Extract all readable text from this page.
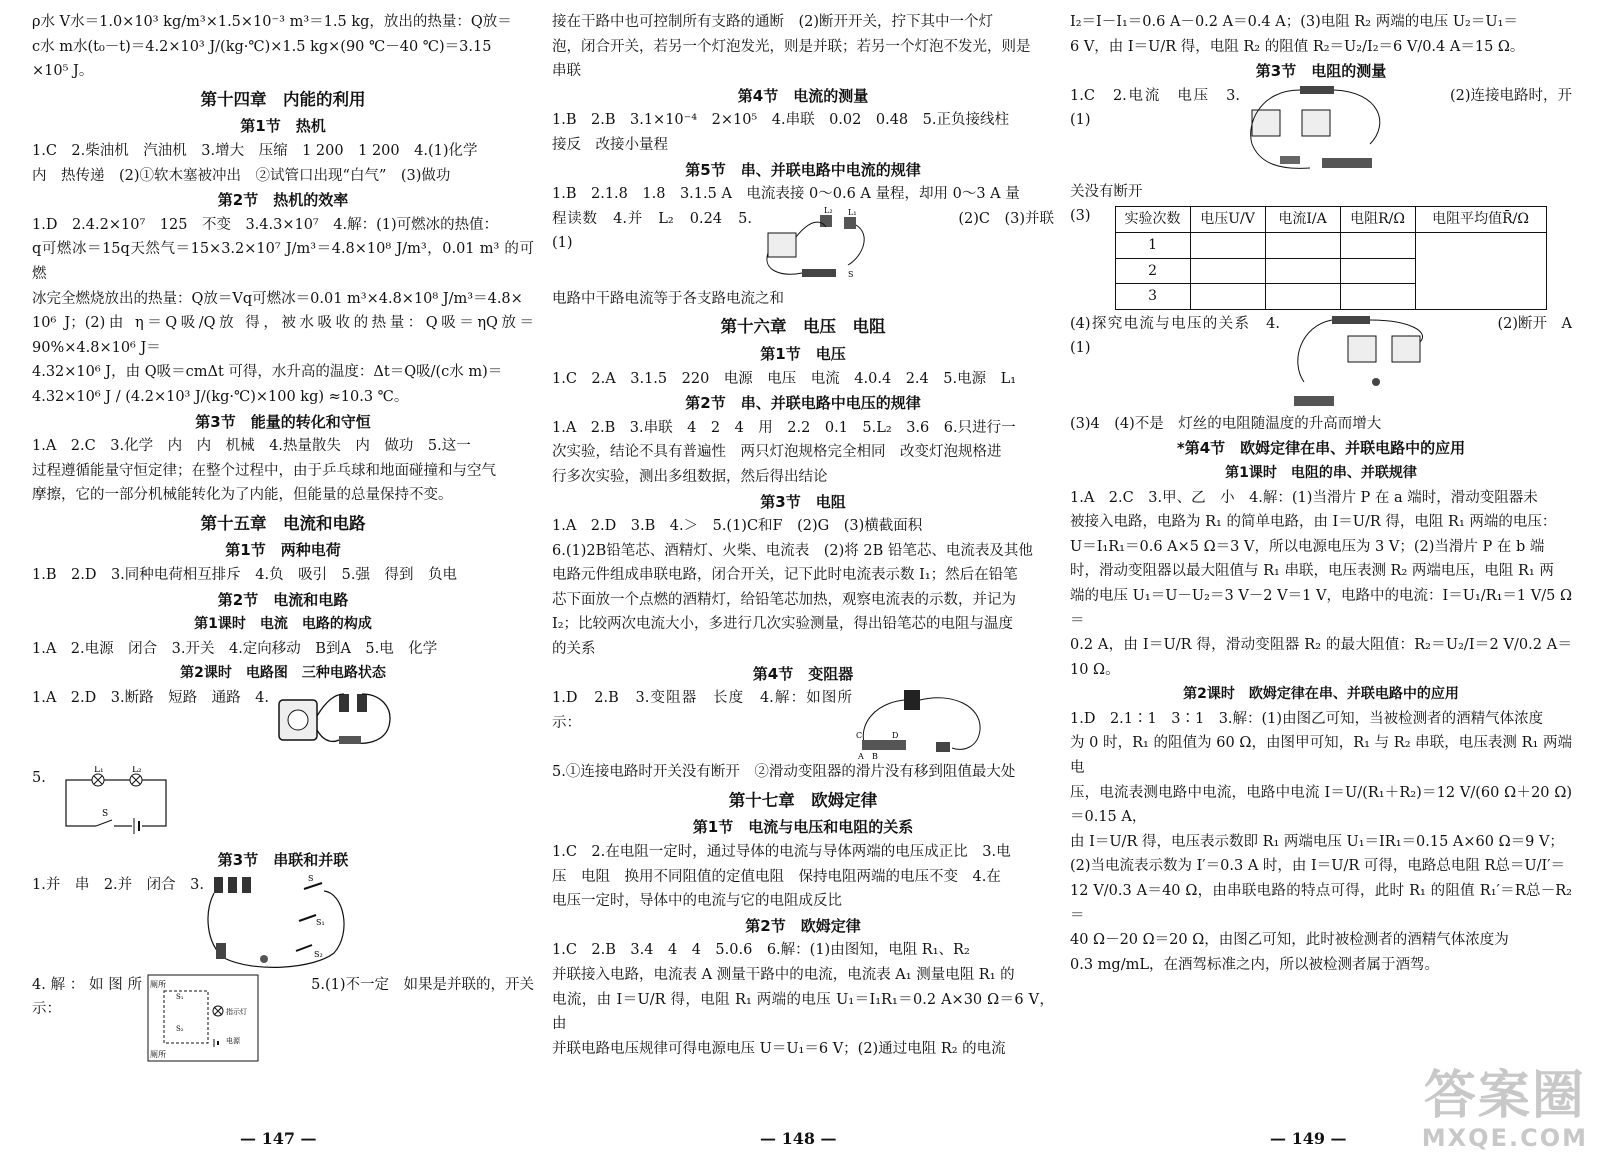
ρ水 V水＝1.0×10³ kg/m³×1.5×10⁻³ m³＝1.5 kg，放出的热量：Q放＝

c水 m水(t₀－t)＝4.2×10³ J/(kg·℃)×1.5 kg×(90 ℃－40 ℃)＝3.15

×10⁵ J。

第十四章　内能的利用
第1节　热机

1.C　2.柴油机　汽油机　3.增大　压缩　1 200　1 200　4.(1)化学

内　热传递　(2)①软木塞被冲出　②试管口出现“白气”　(3)做功

第2节　热机的效率

1.D　2.4.2×10⁷　125　不变　3.4.3×10⁷　4.解：(1)可燃冰的热值：

q可燃冰＝15q天然气＝15×3.2×10⁷ J/m³＝4.8×10⁸ J/m³，0.01 m³ 的可燃

冰完全燃烧放出的热量：Q放＝Vq可燃冰＝0.01 m³×4.8×10⁸ J/m³＝4.8×

10⁶ J；(2)由 η＝Q吸/Q放 得，被水吸收的热量：Q吸＝ηQ放＝90%×4.8×10⁶ J＝

4.32×10⁶ J，由 Q吸＝cmΔt 可得，水升高的温度：Δt＝Q吸/(c水 m)＝

4.32×10⁶ J / (4.2×10³ J/(kg·℃)×100 kg) ≈10.3 ℃。

第3节　能量的转化和守恒

1.A　2.C　3.化学　内　内　机械　4.热量散失　内　做功　5.这一

过程遵循能量守恒定律；在整个过程中，由于乒乓球和地面碰撞和与空气

摩擦，它的一部分机械能转化为了内能，但能量的总量保持不变。

第十五章　电流和电路
第1节　两种电荷

1.B　2.D　3.同种电荷相互排斥　4.负　吸引　5.强　得到　负电

第2节　电流和电路
第1课时　电流　电路的构成

1.A　2.电源　闭合　3.开关　4.定向移动　B到A　5.电　化学

第2课时　电路图　三种电路状态

1.A　2.D　3.断路　短路　通路　4.

5.	L₁	L₂
S
第3节　串联和并联

1.并　串　2.并　闭合　3.	S
S₁
S₂

4.解：如图所示：

厕所
厕所
S₁
S₂
指示灯
电源

5.(1)不一定　如果是并联的，开关

接在干路中也可控制所有支路的通断　(2)断开开关，拧下其中一个灯

泡，闭合开关，若另一个灯泡发光，则是并联；若另一个灯泡不发光，则是

串联

第4节　电流的测量

1.B　2.B　3.1×10⁻⁴　2×10⁵　4.串联　0.02　0.48　5.正负接线柱

接反　改接小量程

第5节　串、并联电路中电流的规律

1.B　2.1.8　1.8　3.1.5 A　电流表接 0～0.6 A 量程，却用 0～3 A 量

程读数　4.并　L₂　0.24　5.(1)

L₂ L₁
S

(2)C　(3)并联

电路中干路电流等于各支路电流之和

第十六章　电压　电阻
第1节　电压

1.C　2.A　3.1.5　220　电源　电压　电流　4.0.4　2.4　5.电源　L₁

第2节　串、并联电路中电压的规律

1.A　2.B　3.串联　4　2　4　用　2.2　0.1　5.L₂　3.6　6.只进行一

次实验，结论不具有普遍性　两只灯泡规格完全相同　改变灯泡规格进

行多次实验，测出多组数据，然后得出结论

第3节　电阻

1.A　2.D　3.B　4.＞　5.(1)C和F　(2)G　(3)横截面积

6.(1)2B铅笔芯、酒精灯、火柴、电流表　(2)将 2B 铅笔芯、电流表及其他

电路元件组成串联电路，闭合开关，记下此时电流表示数 I₁；然后在铅笔

芯下面放一个点燃的酒精灯，给铅笔芯加热，观察电流表的示数，并记为

I₂；比较两次电流大小，多进行几次实验测量，得出铅笔芯的电阻与温度

的关系

第4节　变阻器

1.D　2.B　3.变阻器　长度　4.解：如图所示：

C	D
A B

5.①连接电路时开关没有断开　②滑动变阻器的滑片没有移到阻值最大处

第十七章　欧姆定律
第1节　电流与电压和电阻的关系

1.C　2.在电阻一定时，通过导体的电流与导体两端的电压成正比　3.电

压　电阻　换用不同阻值的定值电阻　保持电阻两端的电压不变　4.在

电压一定时，导体中的电流与它的电阻成反比

第2节　欧姆定律

1.C　2.B　3.4　4　4　5.0.6　6.解：(1)由图知，电阻 R₁、R₂

并联接入电路，电流表 A 测量干路中的电流，电流表 A₁ 测量电阻 R₁ 的

电流，由 I＝U/R 得，电阻 R₁ 两端的电压 U₁＝I₁R₁＝0.2 A×30 Ω＝6 V，由

并联电路电压规律可得电源电压 U＝U₁＝6 V；(2)通过电阻 R₂ 的电流

I₂＝I－I₁＝0.6 A－0.2 A＝0.4 A；(3)电阻 R₂ 两端的电压 U₂＝U₁＝

6 V，由 I＝U/R 得，电阻 R₂ 的阻值 R₂＝U₂/I₂＝6 V/0.4 A＝15 Ω。

第3节　电阻的测量

1.C　2.电流　电压　3.(1)

(2)连接电路时，开

关没有断开

(3) 实验次数	电压U/V	电流I/A	电阻R/Ω	电阻平均值R̄/Ω
1				
2				
3				

(4)探究电流与电压的关系　4.(1)

(2)断开　A

(3)4　(4)不是　灯丝的电阻随温度的升高而增大

*第4节　欧姆定律在串、并联电路中的应用
第1课时　电阻的串、并联规律

1.A　2.C　3.甲、乙　小　4.解：(1)当滑片 P 在 a 端时，滑动变阻器未

被接入电路，电路为 R₁ 的简单电路，由 I＝U/R 得，电阻 R₁ 两端的电压：

U＝I₁R₁＝0.6 A×5 Ω＝3 V，所以电源电压为 3 V；(2)当滑片 P 在 b 端

时，滑动变阻器以最大阻值与 R₁ 串联，电压表测 R₂ 两端电压，电阻 R₁ 两

端的电压 U₁＝U－U₂＝3 V－2 V＝1 V，电路中的电流：I＝U₁/R₁＝1 V/5 Ω＝

0.2 A，由 I＝U/R 得，滑动变阻器 R₂ 的最大阻值：R₂＝U₂/I＝2 V/0.2 A＝10 Ω。

第2课时　欧姆定律在串、并联电路中的应用

1.D　2.1∶1　3∶1　3.解：(1)由图乙可知，当被检测者的酒精气体浓度

为 0 时，R₁ 的阻值为 60 Ω，由图甲可知，R₁ 与 R₂ 串联，电压表测 R₁ 两端电

压，电流表测电路中电流，电路中电流 I＝U/(R₁＋R₂)＝12 V/(60 Ω＋20 Ω)＝0.15 A，

由 I＝U/R 得，电压表示数即 R₁ 两端电压 U₁＝IR₁＝0.15 A×60 Ω＝9 V；

(2)当电流表示数为 I′＝0.3 A 时，由 I＝U/R 可得，电路总电阻 R总＝U/I′＝

12 V/0.3 A＝40 Ω，由串联电路的特点可得，此时 R₁ 的阻值 R₁′＝R总－R₂＝

40 Ω－20 Ω＝20 Ω，由图乙可知，此时被检测者的酒精气体浓度为

0.3 mg/mL，在酒驾标准之内，所以被检测者属于酒驾。

— 147 —	— 148 —	— 149 —
答案圈
MXQE.COM
